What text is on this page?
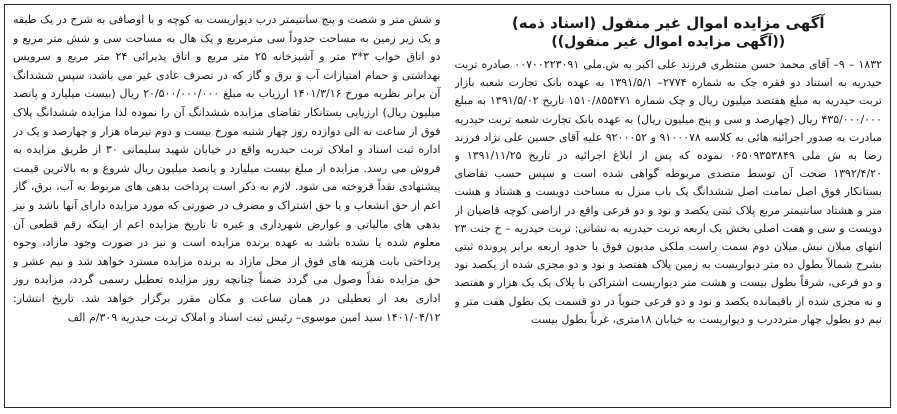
آگهی مزایده اموال غیر منقول (اسناد ذمه)

((آگهی مزایده اموال غیر منقول))

۱۸۳۲ – ۹– آقای محمد حسن منتظری فرزند علی اکبر به ش.ملی ۰۰۷۰۰۲۲۳۰۹۱ صادره تربت حیدریه به استناد دو فقره چک به شماره ۲۷۷۴– ۱۳۹۱/۵/۱ به عهده بانک تجارت شعبه بازار تربت حیدریه به مبلغ هفتصد میلیون ریال و چک شماره ۱۵۱۰/۸۵۵۴۷۱ تاریخ ۱۳۹۱/۵/۰۲ به مبلغ ۴۳۵/۰۰۰/۰۰۰ ریال (چهارصد و سی و پنج میلیون ریال) به عهده بانک تجارت شعبه تربت حیدریه مبادرت به صدور اجرائیه هائی به کلاسه ۹۱۰۰۰۷۸ و ۹۲۰۰۰۵۲ علیه آقای حسین علی نژاد فرزند رضا به ش ملی ۰۶۵۰۹۳۵۳۸۴۹ نموده که پس از ابلاغ اجرائیه در تاریخ ۱۳۹۱/۱۱/۲۵ و ۱۳۹۲/۴/۲۰ صحت آن توسط متصدی مربوطه گواهی شده است و سپس حسب تقاضای بستانکار فوق اصل تمامت اصل ششدانگ یک باب منزل به مساحت دویست و هشتاد و هشت متر و هشتاد سانتیمتر مربع پلاک ثبتی یکصد و نود و دو فرعی واقع در اراضی کوچه قاضیان از دویست و سی و هفت اصلی بخش یک اربعه تربت حیدریه به نشانی: تربت حیدریه – خ جنت ۲۳ انتهای میلان نبش میلان دوم سمت راست ملکی مدیون فوق با حدود اربعه برابر پرونده ثبتی بشرح شمالاً بطول ده متر دیواریست به زمین پلاک هفتصد و نود و دو مجزی شده از یکصد نود و دو فرعی، شرقاً بطول بیست و هشت متر دیواریست اشتراکی با پلاک یک یک هزار و هفتصد و نه مجزی شده از باقیمانده یکصد و نود و دو فرعی جنوباً در دو قسمت یک بطول هفت متر و نیم دو بطول چهار مترددرب و دیواریست به خیابان ۱۸متری، غرباً بطول بیست

و شش متر و شصت و پنج سانتیمتر درب دیواریست به کوچه و با اوصافی به شرح در یک طبقه و یک زیر زمین به مساحت حدوداً سی مترمربع و یک هال به مساحت سی و شش متر مربع و دو اتاق خواب ۳*۳ متر و آشپزخانه ۲۵ متر مربع و اتاق پذیرائی ۲۴ متر مربع و سرویس بهداشتی و حمام امتیازات آب و برق و گاز که در تصرف عادی غیر می باشد، سپس ششدانگ آن برابر نظریه مورخ ۱۴۰۱/۳/۱۶ ارزیاب به مبلغ ۲۰/۵۰۰/۰۰۰/۰۰۰ ریال (بیست میلیارد و پانصد میلیون ریال) ارزیابی بستانکار تقاضای مزایده ششدانگ آن را نموده لذا مزایده ششدانگ پلاک فوق از ساعت نه الی دوازده روز چهار شنبه مورخ بیست و دوم تیرماه هزار و چهارصد و یک در اداره ثبت اسناد و املاک تربت حیدریه واقع در خیابان شهید سلیمانی ۳۰ از طریق مزایده به فروش می رسد. مزایده از مبلغ بیست میلیارد و پانصد میلیون ریال شروع و به بالاترین قیمت پیشنهادی نقداً فروخته می شود. لازم به ذکر است پرداخت بدهی های مربوط به آب، برق، گاز اعم از حق انشعاب و یا حق اشتراک و مصرف در صورتی که مورد مزایده دارای آنها باشد و نیز بدهی های مالیاتی و عوارض شهرداری و غیره تا تاریخ مزایده اعم از اینکه رقم قطعی آن معلوم شده یا نشده باشد به عهده برنده مزایده است و نیز در صورت وجود مازاد، وجوه پرداختی بابت هزینه های فوق از محل مازاد به برنده مزایده مسترد خواهد شد و نیم عشر و حق مزایده نقداً وصول می گردد ضمناً چنانچه روز مزایده تعطیل رسمی گردد، مزایده روز اداری بعد از تعطیلی در همان ساعت و مکان مقرر برگزار خواهد شد. تاریخ انتشار: ۱۴۰۱/۰۴/۱۲ سید امین موسوی– رئیس ثبت اسناد و املاک تربت حیدریه ۳۰۹/م الف
